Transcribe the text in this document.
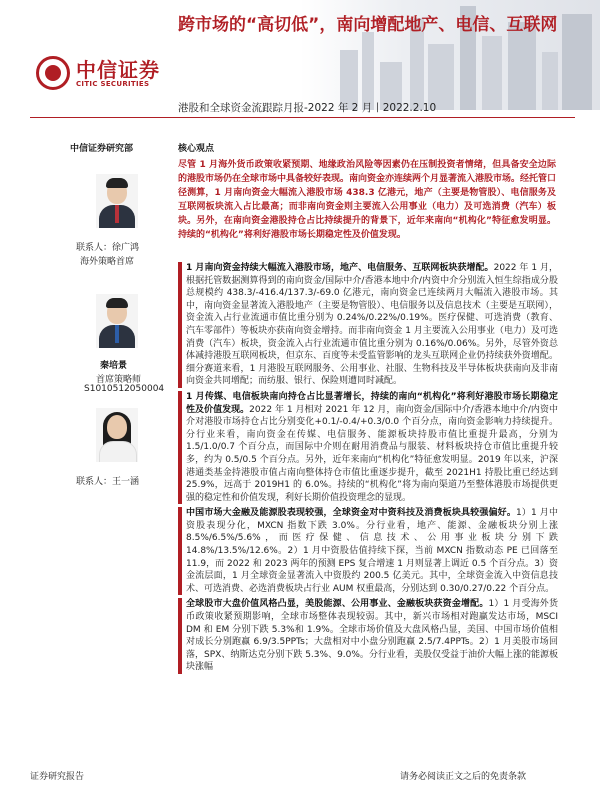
中信证券
CITIC SECURITIES
跨市场的“高切低”，南向增配地产、电信、互联网
港股和全球资金流跟踪月报-2022 年 2 月丨2022.2.10
中信证券研究部
联系人：徐广鸿
海外策略首席
秦培景
首席策略师
S1010512050004
联系人：王一涵
核心观点
尽管 1 月海外货币政策收紧预期、地缘政治风险等因素仍在压制投资者情绪，但具备安全边际的港股市场仍在全球市场中具备较好表现。南向资金亦连续两个月显著流入港股市场。经托管口径测算，1 月南向资金大幅流入港股市场 438.3 亿港元，地产（主要是物管股）、电信服务及互联网板块流入占比最高；而非南向资金则主要流入公用事业（电力）及可选消费（汽车）板块。另外，在南向资金港股持仓占比持续提升的背景下，近年来南向“机构化”特征愈发明显。持续的“机构化”将利好港股市场长期稳定性及价值发现。
1 月南向资金持续大幅流入港股市场，地产、电信服务、互联网板块获增配。2022 年 1 月，根据托管数据测算得到的南向资金/国际中介/香港本地中介/内资中介分别流入恒生综指成分股总规模约 438.3/-416.4/137.3/-69.0 亿港元，南向资金已连续两月大幅流入港股市场。其中，南向资金显著流入港股地产（主要是物管股）、电信服务以及信息技术（主要是互联网），资金流入占行业流通市值比重分别为 0.24%/0.22%/0.19%。医疗保健、可选消费（教育、汽车零部件）等板块亦获南向资金增持。而非南向资金 1 月主要流入公用事业（电力）及可选消费（汽车）板块，资金流入占行业流通市值比重分别为 0.16%/0.06%。另外，尽管外资总体减持港股互联网板块，但京东、百度等未受监管影响的龙头互联网企业仍持续获外资增配。细分赛道来看，1 月港股互联网服务、公用事业、社服、生物科技及半导体板块获南向及非南向资金共同增配；而纺服、银行、保险则遭同时减配。
1 月传媒、电信板块南向持仓占比显著增长，持续的南向“机构化”将利好港股市场长期稳定性及价值发现。2022 年 1 月相对 2021 年 12 月，南向资金/国际中介/香港本地中介/内资中介对港股市场持仓占比分别变化+0.1/-0.4/+0.3/0.0 个百分点，南向资金影响力持续提升。分行业来看，南向资金在传媒、电信服务、能源板块持股市值比重提升最高，分别为 1.5/1.0/0.7 个百分点，而国际中介则在耐用消费品与服装、材料板块持仓市值比重提升较多，约为 0.5/0.5 个百分点。另外，近年来南向“机构化”特征愈发明显。2019 年以来，沪深港通类基金持港股市值占南向整体持仓市值比重逐步提升，截至 2021H1 持股比重已经达到 25.9%，远高于 2019H1 的 6.0%。持续的“机构化”将为南向渠道乃至整体港股市场提供更强的稳定性和价值发现，利好长期价值投资理念的显现。
中国市场大金融及能源股表现较强，全球资金对中资科技及消费板块具较强偏好。1）1 月中资股表现分化，MXCN 指数下跌 3.0%。分行业看，地产、能源、金融板块分别上涨 8.5%/6.5%/5.6%，而医疗保健、信息技术、公用事业板块分别下跌 14.8%/13.5%/12.6%。2）1 月中资股估值持续下探，当前 MXCN 指数动态 PE 已回落至 11.9，而 2022 和 2023 两年的预测 EPS 复合增速 1 月则显著上调近 0.5 个百分点。3）资金流层面，1 月全球资金显著流入中资股约 200.5 亿美元。其中，全球资金流入中资信息技术、可选消费、必选消费板块占行业 AUM 权重最高，分别达到 0.30/0.27/0.22 个百分点。
全球股市大盘价值风格凸显，美股能源、公用事业、金融板块获资金增配。1）1 月受海外货币政策收紧预期影响，全球市场整体表现较弱。其中，新兴市场相对跑赢发达市场，MSCI DM 和 EM 分别下跌 5.3%和 1.9%。全球市场价值及大盘风格凸显，美国、中国市场价值相对成长分别跑赢 6.9/3.5PPTs；大盘相对中小盘分别跑赢 2.5/7.4PPTs。2）1 月美股市场回落，SPX、纳斯达克分别下跌 5.3%、9.0%。分行业看，美股仅受益于油价大幅上涨的能源板块涨幅
证券研究报告	请务必阅读正文之后的免责条款
